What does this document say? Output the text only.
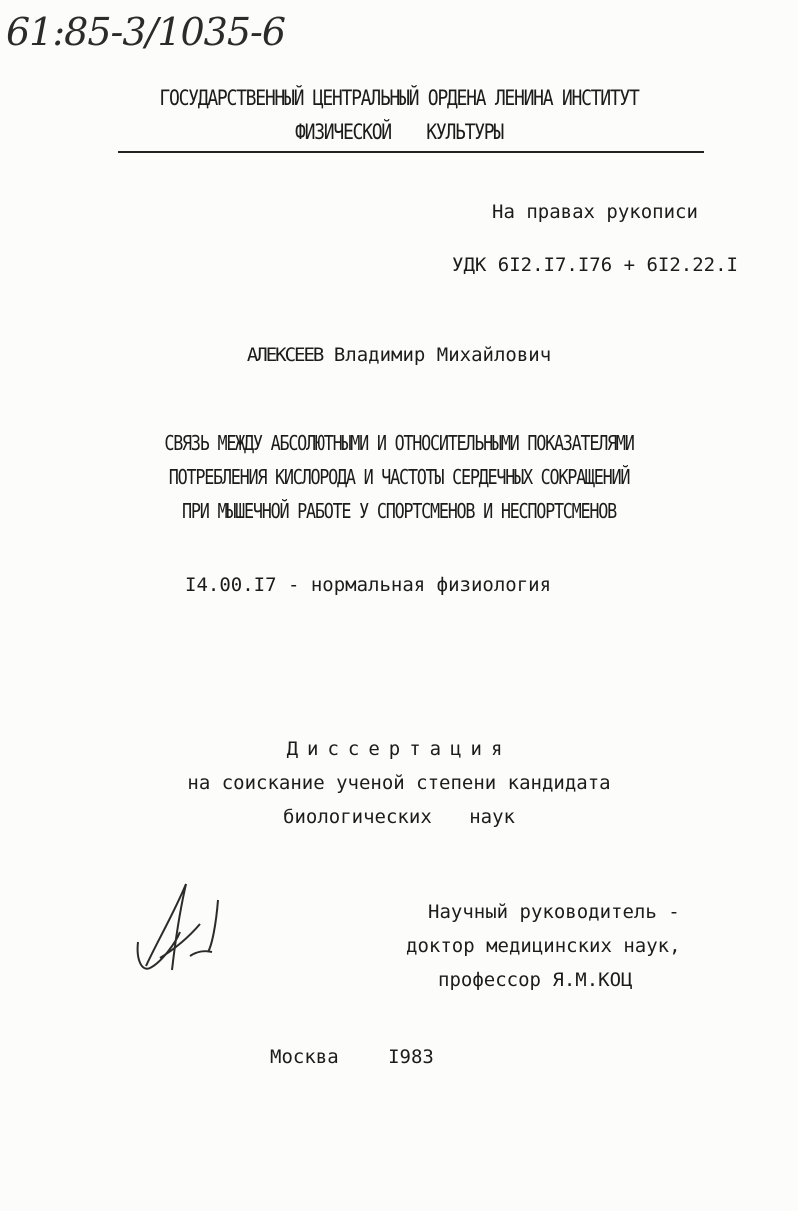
61:85-3/1035-6
ГОСУДАРСТВЕННЫЙ ЦЕНТРАЛЬНЫЙ ОРДЕНА ЛЕНИНА ИНСТИТУТ
ФИЗИЧЕСКОЙ КУЛЬТУРЫ
На правах рукописи
УДК 6I2.I7.I76 + 6I2.22.I
АЛЕКСЕЕВ Владимир Михайлович
СВЯЗЬ МЕЖДУ АБСОЛЮТНЫМИ И ОТНОСИТЕЛЬНЫМИ ПОКАЗАТЕЛЯМИ
ПОТРЕБЛЕНИЯ КИСЛОРОДА И ЧАСТОТЫ СЕРДЕЧНЫХ СОКРАЩЕНИЙ
ПРИ МЫШЕЧНОЙ РАБОТЕ У СПОРТСМЕНОВ И НЕСПОРТСМЕНОВ
I4.00.I7 - нормальная физиология
Диссертация
на соискание ученой степени кандидата
биологических наук
Научный руководитель -
доктор медицинских наук,
профессор Я.М.КОЦ
Москва	I983
